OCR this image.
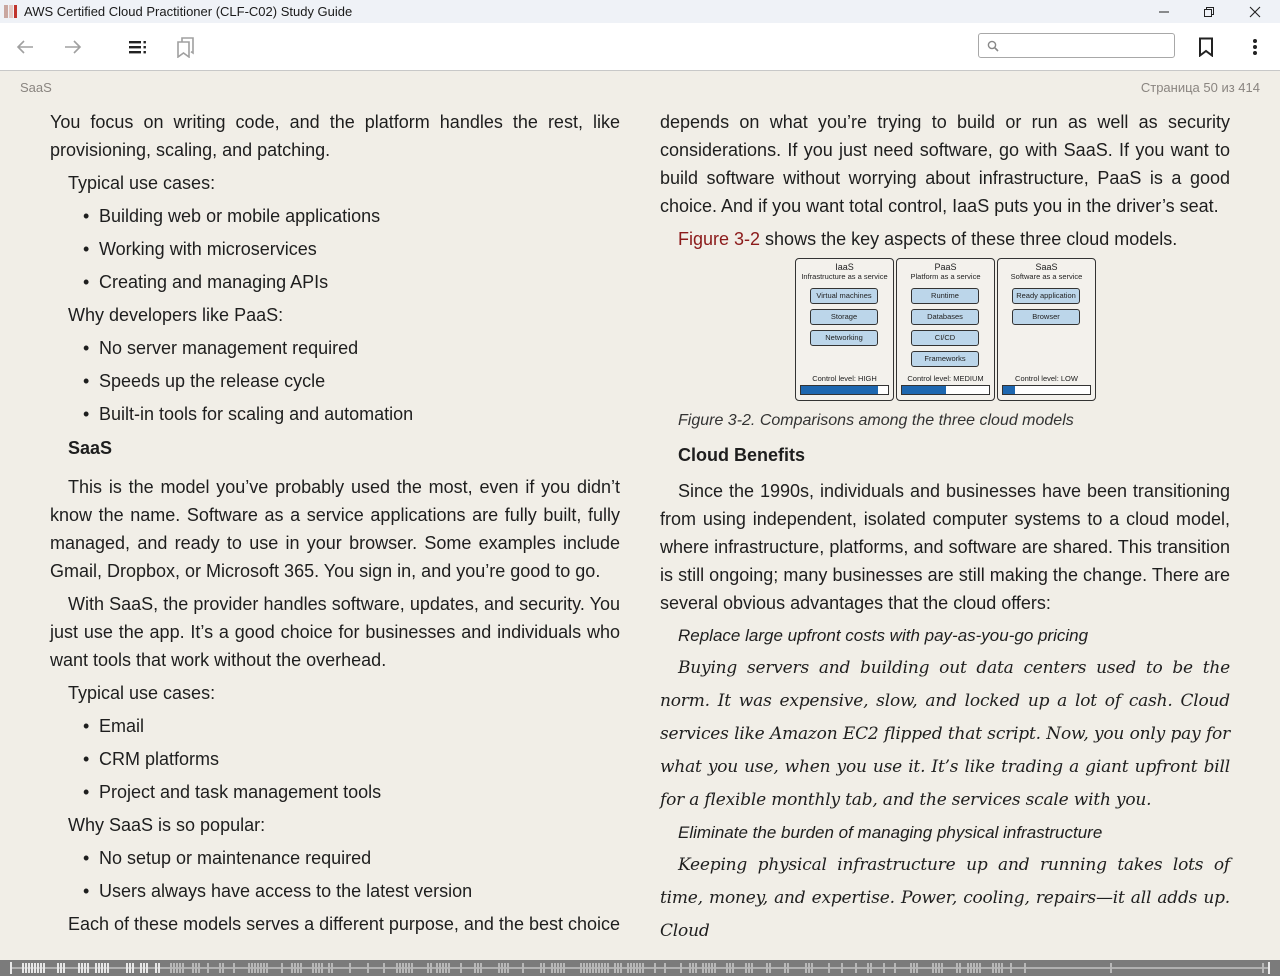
AWS Certified Cloud Practitioner (CLF-C02) Study Guide
SaaS	Страница 50 из 414

You focus on writing code, and the platform handles the rest, like provisioning, scaling, and patching.

Typical use cases:
• Building web or mobile applications
• Working with microservices
• Creating and managing APIs
Why developers like PaaS:
• No server management required
• Speeds up the release cycle
• Built-in tools for scaling and automation
SaaS

This is the model you’ve probably used the most, even if you didn’t know the name. Software as a service applications are fully built, fully managed, and ready to use in your browser. Some examples include Gmail, Dropbox, or Microsoft 365. You sign in, and you’re good to go.

With SaaS, the provider handles software, updates, and security. You just use the app. It’s a good choice for businesses and individuals who want tools that work without the overhead.

Typical use cases:
• Email
• CRM platforms
• Project and task management tools
Why SaaS is so popular:
• No setup or maintenance required
• Users always have access to the latest version

Each of these models serves a different purpose, and the best choice

depends on what you’re trying to build or run as well as security considerations. If you just need software, go with SaaS. If you want to build software without worrying about infrastructure, PaaS is a good choice. And if you want total control, IaaS puts you in the driver’s seat.

Figure 3-2 shows the key aspects of these three cloud models.

IaaS
Infrastructure as a service
Virtual machines
Storage
Networking
Control level: HIGH
PaaS
Platform as a service
Runtime
Databases
CI/CD
Frameworks
Control level: MEDIUM
SaaS
Software as a service
Ready application
Browser
Control level: LOW
Figure 3-2. Comparisons among the three cloud models
Cloud Benefits

Since the 1990s, individuals and businesses have been transitioning from using independent, isolated computer systems to a cloud model, where infrastructure, platforms, and software are shared. This transition is still ongoing; many businesses are still making the change. There are several obvious advantages that the cloud offers:

Replace large upfront costs with pay-as-you-go pricing

Buying servers and building out data centers used to be the norm. It was expensive, slow, and locked up a lot of cash. Cloud services like Amazon EC2 flipped that script. Now, you only pay for what you use, when you use it. It’s like trading a giant upfront bill for a flexible monthly tab, and the services scale with you.

Eliminate the burden of managing physical infrastructure

Keeping physical infrastructure up and running takes lots of time, money, and expertise. Power, cooling, repairs—it all adds up. Cloud
